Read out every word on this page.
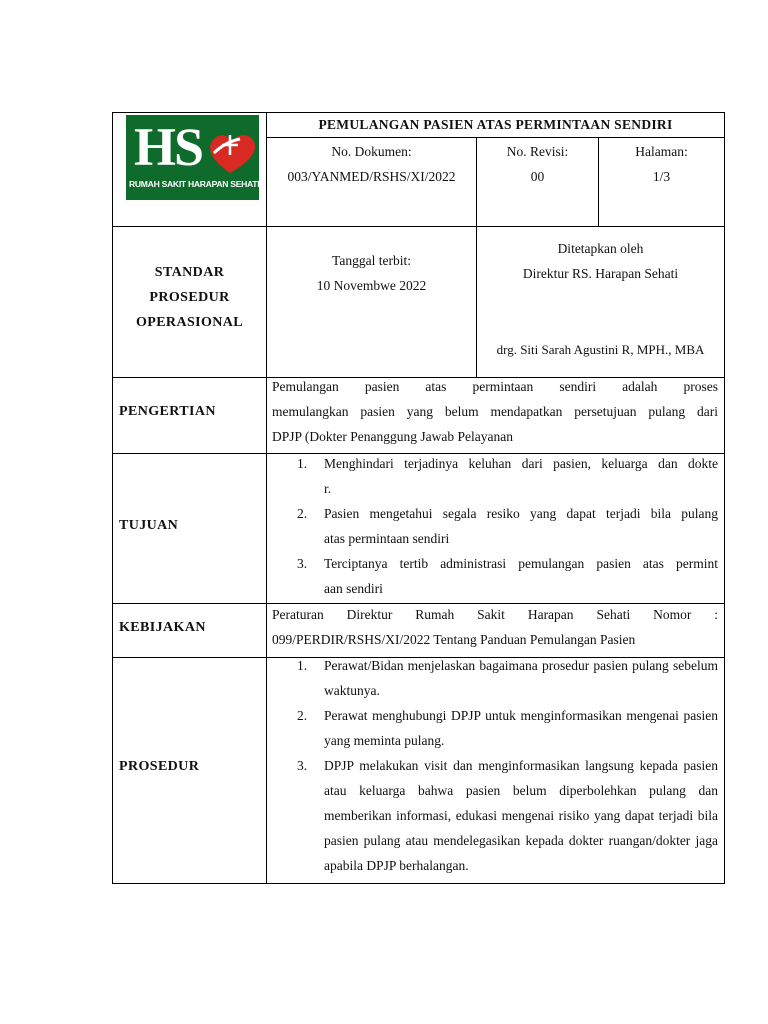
HS
RUMAH SAKIT HARAPAN SEHATI
PEMULANGAN PASIEN ATAS PERMINTAAN SENDIRI
No. Dokumen:
003/YANMED/RSHS/XI/2022
No. Revisi:
00
Halaman:
1/3
STANDAR
PROSEDUR
OPERASIONAL
Tanggal terbit:
10 Novembwe 2022
Ditetapkan oleh
Direktur RS. Harapan Sehati
drg. Siti Sarah Agustini R, MPH., MBA
PENGERTIAN
Pemulangan pasien atas permintaan sendiri adalah proses
memulangkan pasien yang belum mendapatkan persetujuan pulang dari
DPJP (Dokter Penanggung Jawab Pelayanan
TUJUAN
1. Menghindari terjadinya keluhan dari pasien, keluarga dan dokte
r.
2. Pasien mengetahui segala resiko yang dapat terjadi bila pulang
atas permintaan sendiri
3. Terciptanya tertib administrasi pemulangan pasien atas permint
aan sendiri
KEBIJAKAN
Peraturan Direktur Rumah Sakit Harapan Sehati Nomor :
099/PERDIR/RSHS/XI/2022 Tentang Panduan Pemulangan Pasien
PROSEDUR
1. Perawat/Bidan menjelaskan bagaimana prosedur pasien pulang sebelum waktunya.
2. Perawat menghubungi DPJP untuk menginformasikan mengenai pasien yang meminta pulang.
3. DPJP melakukan visit dan menginformasikan langsung kepada pasien atau keluarga bahwa pasien belum diperbolehkan pulang dan memberikan informasi, edukasi mengenai risiko yang dapat terjadi bila pasien pulang atau mendelegasikan kepada dokter ruangan/dokter jaga apabila DPJP berhalangan.
